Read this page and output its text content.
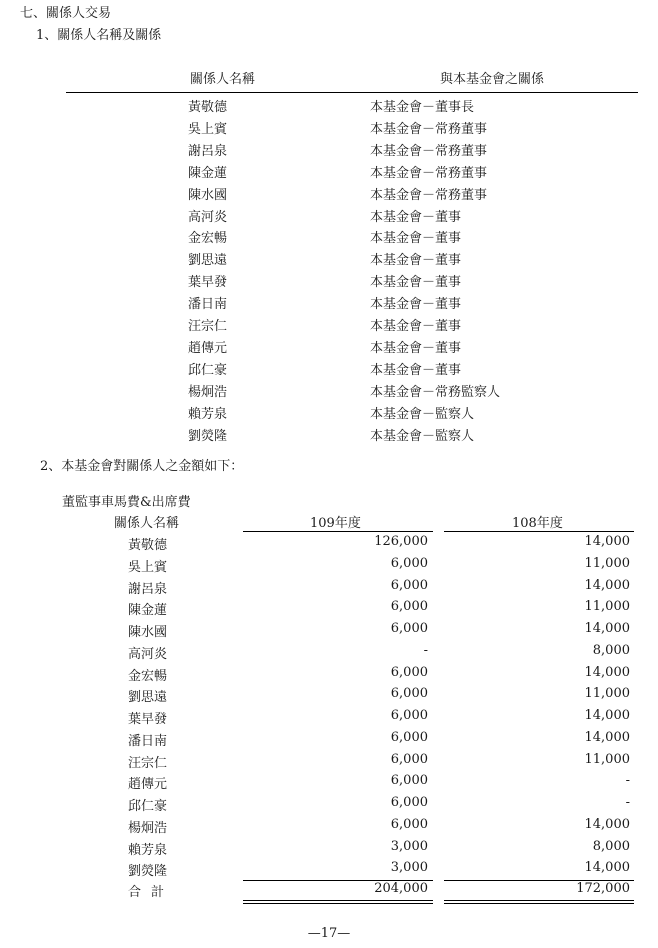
七、關係人交易
1、關係人名稱及關係
關係人名稱	與本基金會之關係
黃敬德	本基金會－董事長
吳上賓	本基金會－常務董事
謝呂泉	本基金會－常務董事
陳金蓮	本基金會－常務董事
陳水國	本基金會－常務董事
高河炎	本基金會－董事
金宏暢	本基金會－董事
劉思遠	本基金會－董事
葉早發	本基金會－董事
潘日南	本基金會－董事
汪宗仁	本基金會－董事
趙傳元	本基金會－董事
邱仁豪	本基金會－董事
楊炯浩	本基金會－常務監察人
賴芳泉	本基金會－監察人
劉熒隆	本基金會－監察人
2、本基金會對關係人之金額如下：
董監事車馬費&出席費
關係人名稱	109年度	108年度
黃敬德	126,000	14,000
吳上賓	6,000	11,000
謝呂泉	6,000	14,000
陳金蓮	6,000	11,000
陳水國	6,000	14,000
高河炎	-	8,000
金宏暢	6,000	14,000
劉思遠	6,000	11,000
葉早發	6,000	14,000
潘日南	6,000	14,000
汪宗仁	6,000	11,000
趙傳元	6,000	-
邱仁豪	6,000	-
楊炯浩	6,000	14,000
賴芳泉	3,000	8,000
劉熒隆	3,000	14,000
合計	204,000	172,000
—17—
